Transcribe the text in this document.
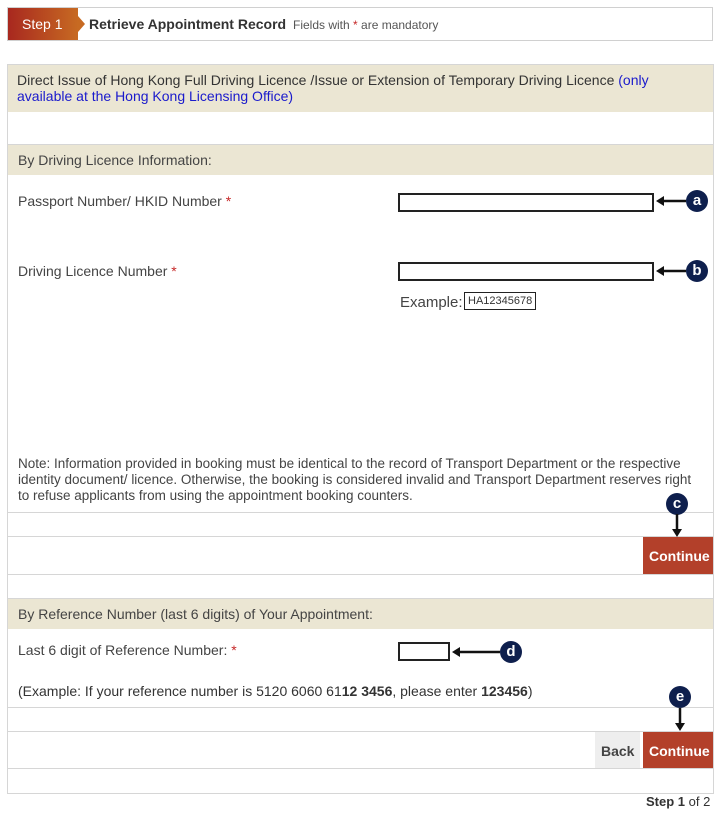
Step 1	Retrieve Appointment Record Fields with * are mandatory
Direct Issue of Hong Kong Full Driving Licence /Issue or Extension of Temporary Driving Licence (only available at the Hong Kong Licensing Office)
By Driving Licence Information:
Passport Number/ HKID Number *	a
Driving Licence Number *	b
Example: HA12345678
Note: Information provided in booking must be identical to the record of Transport Department or the respective identity document/ licence. Otherwise, the booking is considered invalid and Transport Department reserves right to refuse applicants from using the appointment booking counters.
Continue
c
By Reference Number (last 6 digits) of Your Appointment:
Last 6 digit of Reference Number: *	d
(Example: If your reference number is 5120 6060 6112 3456, please enter 123456)
Back	Continue
e
Step 1 of 2
